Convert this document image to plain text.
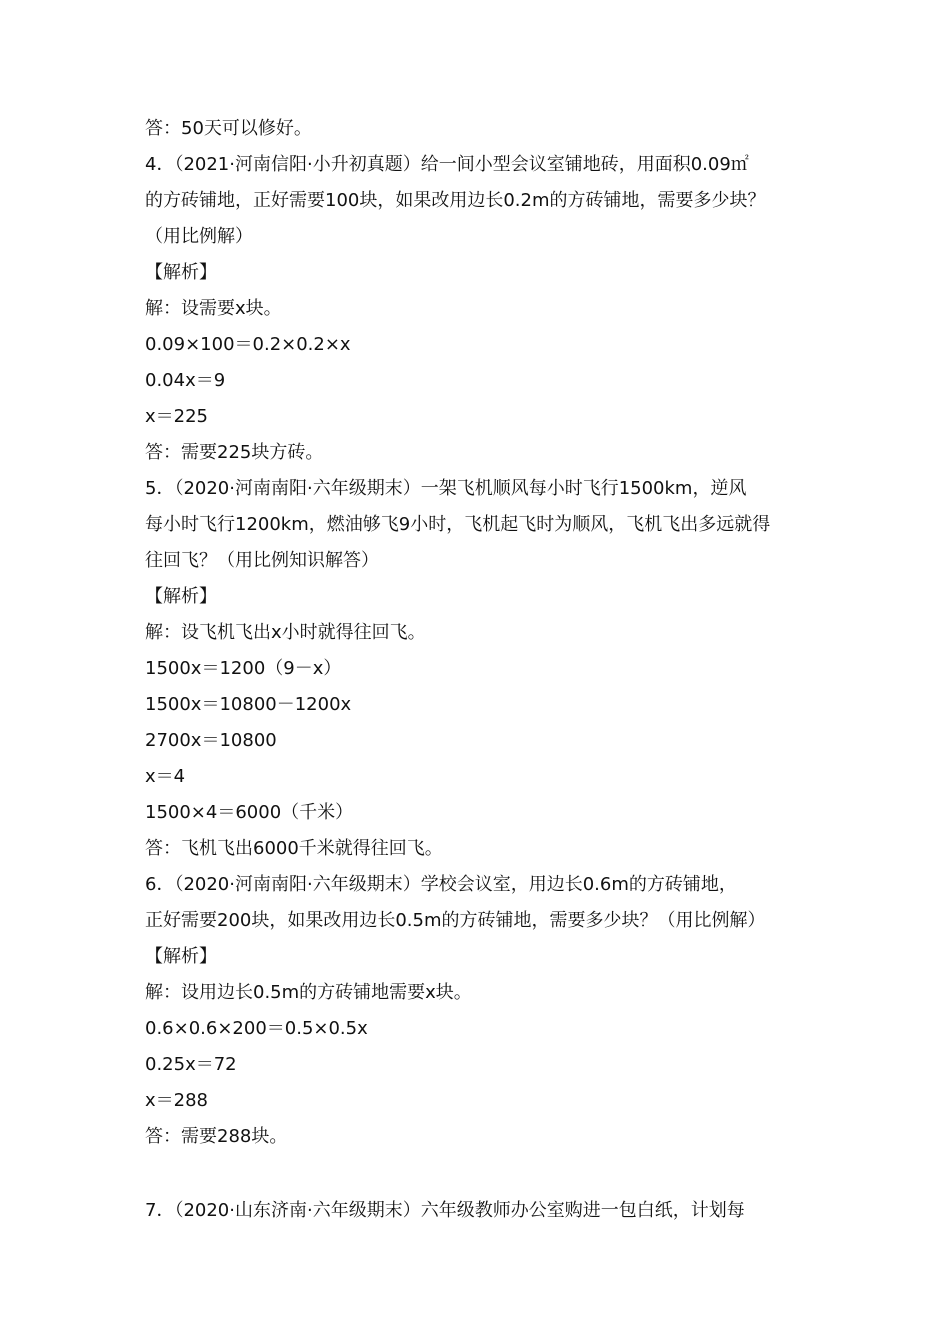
答：50天可以修好。
4．（2021·河南信阳·小升初真题）给一间小型会议室铺地砖，用面积0.09㎡
的方砖铺地，正好需要100块，如果改用边长0.2m的方砖铺地，需要多少块？
（用比例解）
【解析】
解：设需要x块。
0.09×100＝0.2×0.2×x
0.04x＝9
x＝225
答：需要225块方砖。
5．（2020·河南南阳·六年级期末）一架飞机顺风每小时飞行1500km，逆风
每小时飞行1200km，燃油够飞9小时，飞机起飞时为顺风，飞机飞出多远就得
往回飞？（用比例知识解答）
【解析】
解：设飞机飞出x小时就得往回飞。
1500x＝1200（9－x）
1500x＝10800－1200x
2700x＝10800
x＝4
1500×4＝6000（千米）
答：飞机飞出6000千米就得往回飞。
6．（2020·河南南阳·六年级期末）学校会议室，用边长0.6m的方砖铺地，
正好需要200块，如果改用边长0.5m的方砖铺地，需要多少块？（用比例解）
【解析】
解：设用边长0.5m的方砖铺地需要x块。
0.6×0.6×200＝0.5×0.5x
0.25x＝72
x＝288
答：需要288块。
7．（2020·山东济南·六年级期末）六年级教师办公室购进一包白纸，计划每
